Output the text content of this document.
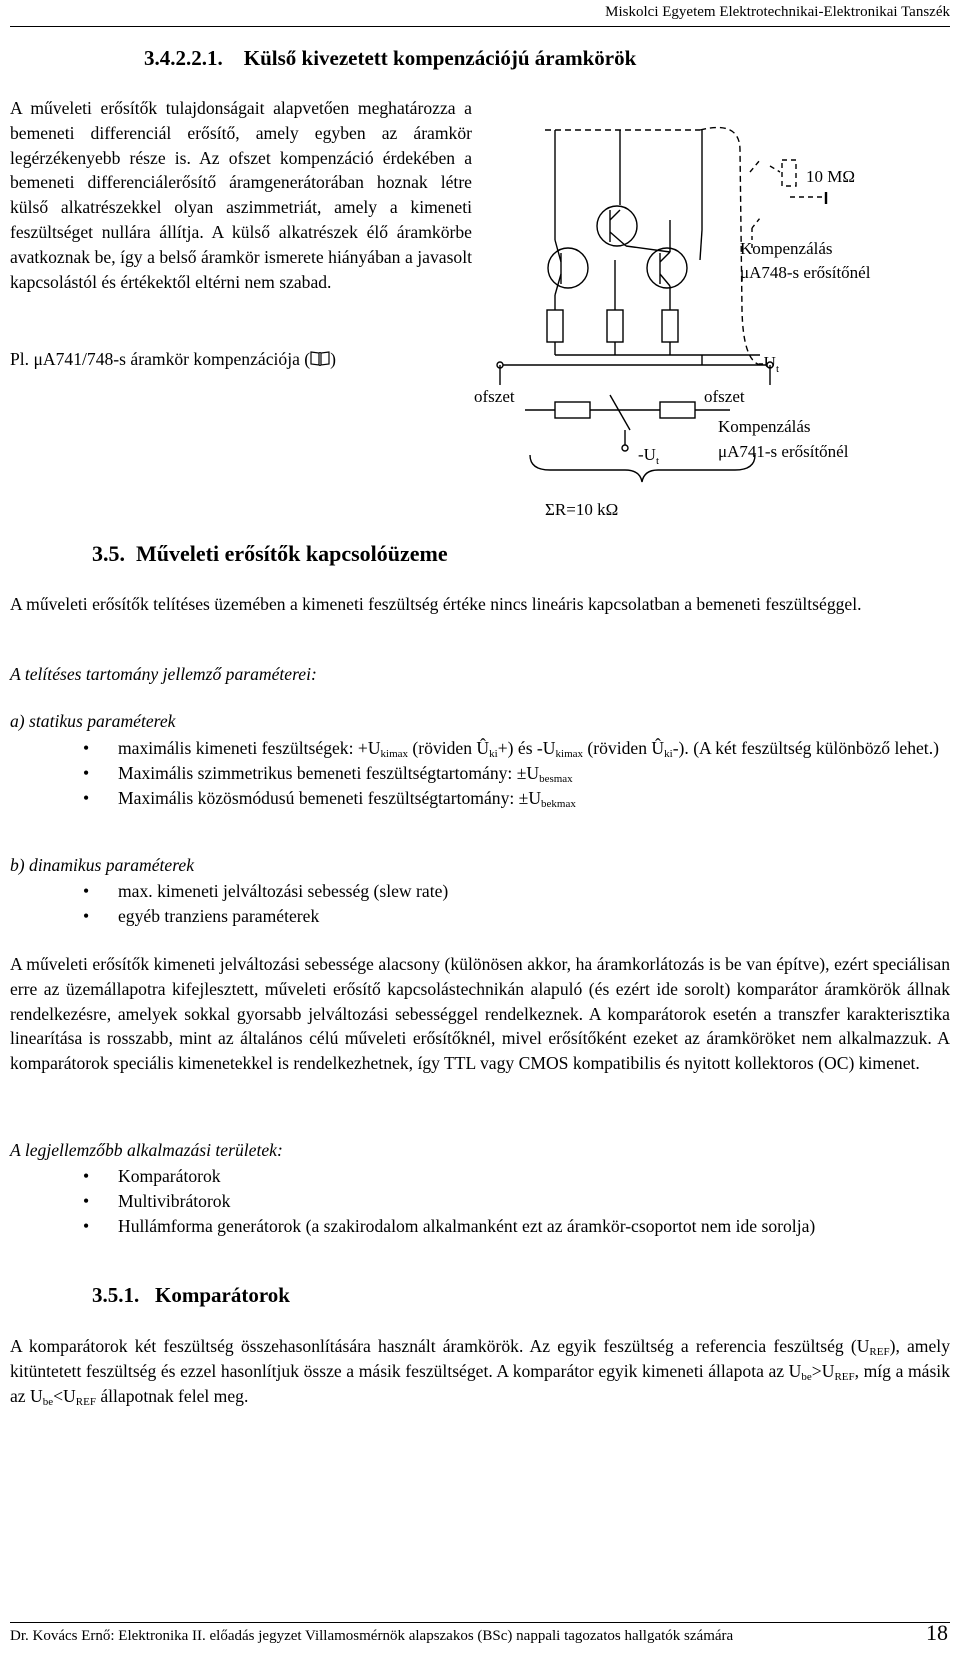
Miskolci Egyetem Elektrotechnikai-Elektronikai Tanszék
3.4.2.2.1. Külső kivezetett kompenzációjú áramkörök
A műveleti erősítők tulajdonságait alapvetően meghatározza a bemeneti differenciál erősítő, amely egyben az áramkör legérzékenyebb része is. Az ofszet kompenzáció érdekében a bemeneti differenciálerősítő áramgenerátorában hoznak létre külső alkatrészekkel olyan aszimmetriát, amely a kimeneti feszültséget nullára állítja. A külső alkatrészek élő áramkörbe avatkoznak be, így a belső áramkör ismerete hiányában a javasolt kapcsolástól és értékektől eltérni nem szabad.
Pl. μA741/748-s áramkör kompenzációja ( )
10 MΩ
Kompenzálás
μA748-s erősítőnél
$-U_t$
ofszet	ofszet
Kompenzálás
μA741-s erősítőnél
$-U_t$
ΣR=10 kΩ
3.5. Műveleti erősítők kapcsolóüzeme
A műveleti erősítők telítéses üzemében a kimeneti feszültség értéke nincs lineáris kapcsolatban a bemeneti feszültséggel.
A telítéses tartomány jellemző paraméterei:
a) statikus paraméterek
• maximális kimeneti feszültségek: $+U_{kimax}$ (röviden $Û_{ki}+$) és $-U_{kimax}$ (röviden $Û_{ki}-$). (A két feszültség különböző lehet.)
• Maximális szimmetrikus bemeneti feszültségtartomány: $\pm U_{besmax}$
• Maximális közösmódusú bemeneti feszültségtartomány: $\pm U_{bekmax}$
b) dinamikus paraméterek
• max. kimeneti jelváltozási sebesség (slew rate)
• egyéb tranziens paraméterek
A műveleti erősítők kimeneti jelváltozási sebessége alacsony (különösen akkor, ha áramkorlátozás is be van építve), ezért speciálisan erre az üzemállapotra kifejlesztett, műveleti erősítő kapcsolástechnikán alapuló (és ezért ide sorolt) komparátor áramkörök állnak rendelkezésre, amelyek sokkal gyorsabb jelváltozási sebességgel rendelkeznek. A komparátorok esetén a transzfer karakterisztika linearítása is rosszabb, mint az általános célú műveleti erősítőknél, mivel erősítőként ezeket az áramköröket nem alkalmazzuk. A komparátorok speciális kimenetekkel is rendelkezhetnek, így TTL vagy CMOS kompatibilis és nyitott kollektoros (OC) kimenet.
A legjellemzőbb alkalmazási területek:
• Komparátorok
• Multivibrátorok
• Hullámforma generátorok (a szakirodalom alkalmanként ezt az áramkör-csoportot nem ide sorolja)
3.5.1. Komparátorok
A komparátorok két feszültség összehasonlítására használt áramkörök. Az egyik feszültség a referencia feszültség $(U_{REF})$, amely kitüntetett feszültség és ezzel hasonlítjuk össze a másik feszültséget. A komparátor egyik kimeneti állapota az $U_{be}>U_{REF}$, míg a másik az $U_{be}<U_{REF}$ állapotnak felel meg.
Dr. Kovács Ernő: Elektronika II. előadás jegyzet Villamosmérnök alapszakos (BSc) nappali tagozatos hallgatók számára	18
